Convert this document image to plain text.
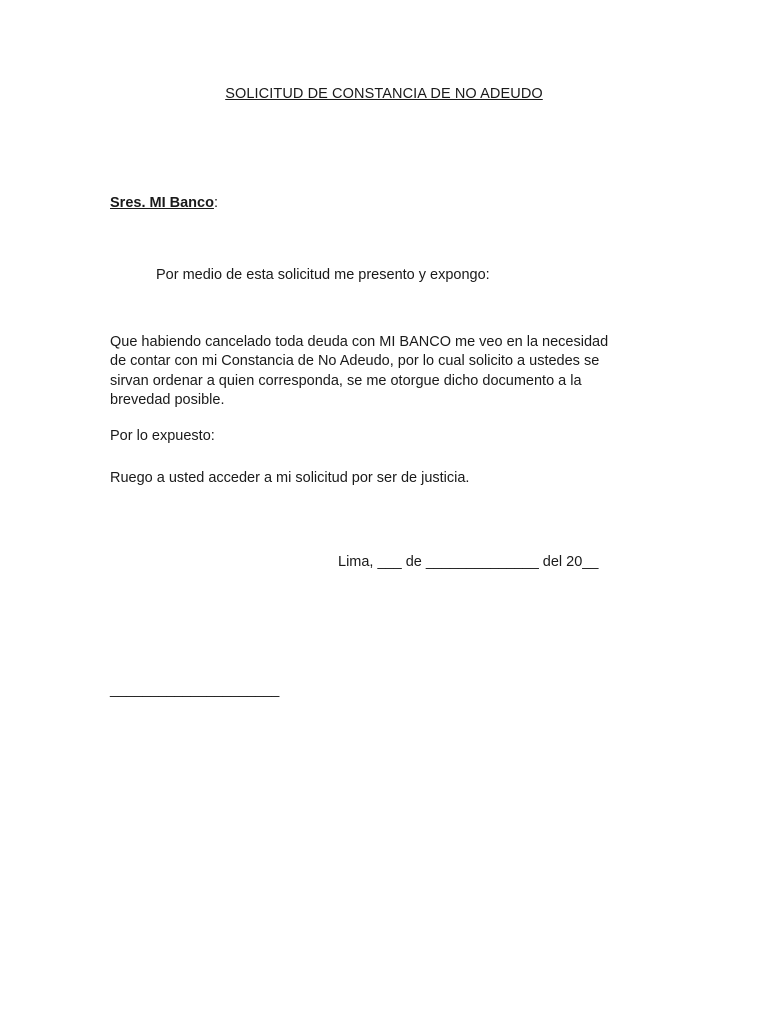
SOLICITUD DE CONSTANCIA DE NO ADEUDO
Sres. MI Banco:
Por medio de esta solicitud me presento y expongo:
Que habiendo cancelado toda deuda con MI BANCO me veo en la necesidad
de contar con mi Constancia de No Adeudo, por lo cual solicito a ustedes se
sirvan ordenar a quien corresponda, se me otorgue dicho documento a la
brevedad posible.
Por lo expuesto:
Ruego a usted acceder a mi solicitud por ser de justicia.
Lima, ___ de ______________ del 20__
_____________________
